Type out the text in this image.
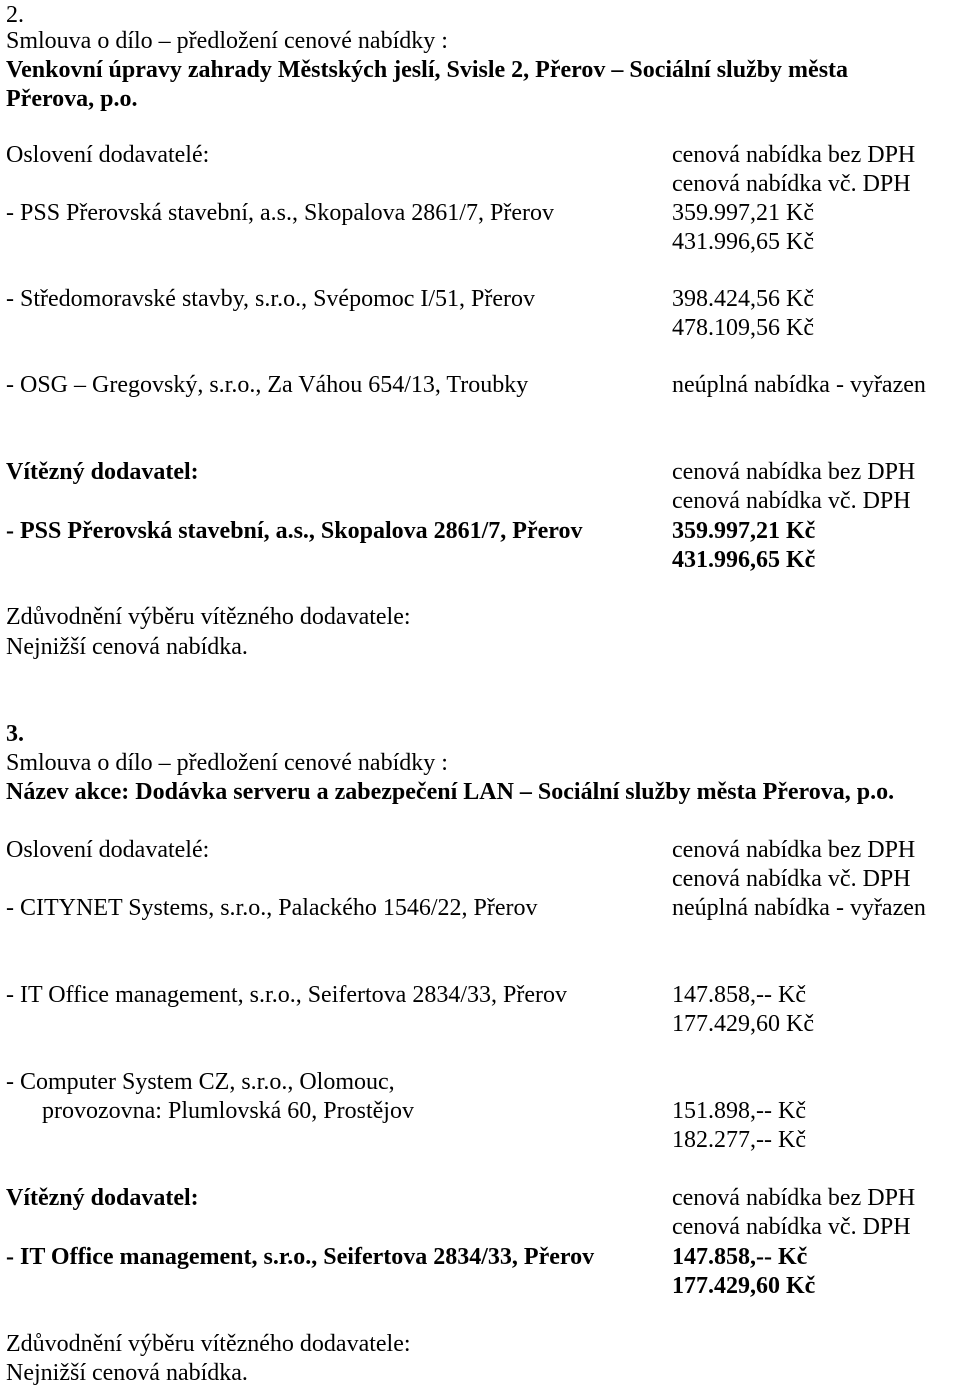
2.
Smlouva o dílo – předložení cenové nabídky :
Venkovní úpravy zahrady Městských jeslí, Svisle 2, Přerov – Sociální služby města
Přerova, p.o.
Oslovení dodavatelé:	cenová nabídka bez DPH
cenová nabídka vč. DPH
- PSS Přerovská stavební, a.s., Skopalova 2861/7, Přerov	359.997,21 Kč
431.996,65 Kč
- Středomoravské stavby, s.r.o., Svépomoc I/51, Přerov	398.424,56 Kč
478.109,56 Kč
- OSG – Gregovský, s.r.o., Za Váhou 654/13, Troubky	neúplná nabídka - vyřazen
Vítězný dodavatel:	cenová nabídka bez DPH
cenová nabídka vč. DPH
- PSS Přerovská stavební, a.s., Skopalova 2861/7, Přerov	359.997,21 Kč
431.996,65 Kč
Zdůvodnění výběru vítězného dodavatele:
Nejnižší cenová nabídka.
3.
Smlouva o dílo – předložení cenové nabídky :
Název akce: Dodávka serveru a zabezpečení LAN – Sociální služby města Přerova, p.o.
Oslovení dodavatelé:	cenová nabídka bez DPH
cenová nabídka vč. DPH
- CITYNET Systems, s.r.o., Palackého 1546/22, Přerov	neúplná nabídka - vyřazen
- IT Office management, s.r.o., Seifertova 2834/33, Přerov	147.858,-- Kč
177.429,60 Kč
- Computer System CZ, s.r.o., Olomouc,
provozovna: Plumlovská 60, Prostějov	151.898,-- Kč
182.277,-- Kč
Vítězný dodavatel:	cenová nabídka bez DPH
cenová nabídka vč. DPH
- IT Office management, s.r.o., Seifertova 2834/33, Přerov	147.858,-- Kč
177.429,60 Kč
Zdůvodnění výběru vítězného dodavatele:
Nejnižší cenová nabídka.
